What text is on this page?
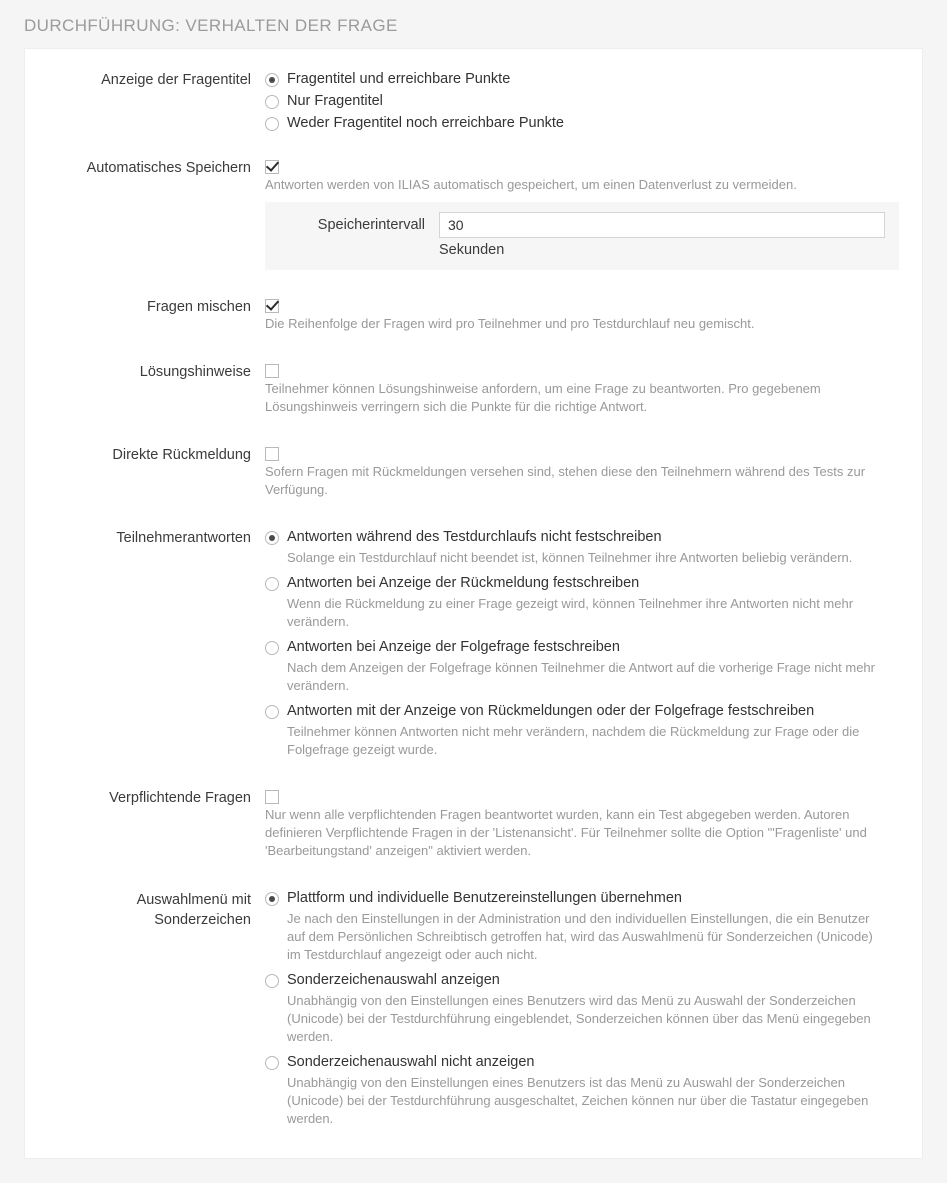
DURCHFÜHRUNG: VERHALTEN DER FRAGE
Anzeige der Fragentitel	Fragentitel und erreichbare Punkte
Nur Fragentitel
Weder Fragentitel noch erreichbare Punkte
Automatisches Speichern
Antworten werden von ILIAS automatisch gespeichert, um einen Datenverlust zu vermeiden.
Speicherintervall
30
Sekunden
Fragen mischen
Die Reihenfolge der Fragen wird pro Teilnehmer und pro Testdurchlauf neu gemischt.
Lösungshinweise
Teilnehmer können Lösungshinweise anfordern, um eine Frage zu beantworten. Pro gegebenem Lösungshinweis verringern sich die Punkte für die richtige Antwort.
Direkte Rückmeldung
Sofern Fragen mit Rückmeldungen versehen sind, stehen diese den Teilnehmern während des Tests zur Verfügung.
Teilnehmerantworten	Antworten während des Testdurchlaufs nicht festschreiben
Solange ein Testdurchlauf nicht beendet ist, können Teilnehmer ihre Antworten beliebig verändern.
Antworten bei Anzeige der Rückmeldung festschreiben
Wenn die Rückmeldung zu einer Frage gezeigt wird, können Teilnehmer ihre Antworten nicht mehr verändern.
Antworten bei Anzeige der Folgefrage festschreiben
Nach dem Anzeigen der Folgefrage können Teilnehmer die Antwort auf die vorherige Frage nicht mehr verändern.
Antworten mit der Anzeige von Rückmeldungen oder der Folgefrage festschreiben
Teilnehmer können Antworten nicht mehr verändern, nachdem die Rückmeldung zur Frage oder die Folgefrage gezeigt wurde.
Verpflichtende Fragen
Nur wenn alle verpflichtenden Fragen beantwortet wurden, kann ein Test abgegeben werden. Autoren definieren Verpflichtende Fragen in der 'Listenansicht'. Für Teilnehmer sollte die Option "'Fragenliste' und 'Bearbeitungstand' anzeigen" aktiviert werden.
Auswahlmenü mit
Sonderzeichen
Plattform und individuelle Benutzereinstellungen übernehmen
Je nach den Einstellungen in der Administration und den individuellen Einstellungen, die ein Benutzer auf dem Persönlichen Schreibtisch getroffen hat, wird das Auswahlmenü für Sonderzeichen (Unicode) im Testdurchlauf angezeigt oder auch nicht.
Sonderzeichenauswahl anzeigen
Unabhängig von den Einstellungen eines Benutzers wird das Menü zu Auswahl der Sonderzeichen (Unicode) bei der Testdurchführung eingeblendet, Sonderzeichen können über das Menü eingegeben werden.
Sonderzeichenauswahl nicht anzeigen
Unabhängig von den Einstellungen eines Benutzers ist das Menü zu Auswahl der Sonderzeichen (Unicode) bei der Testdurchführung ausgeschaltet, Zeichen können nur über die Tastatur eingegeben werden.
